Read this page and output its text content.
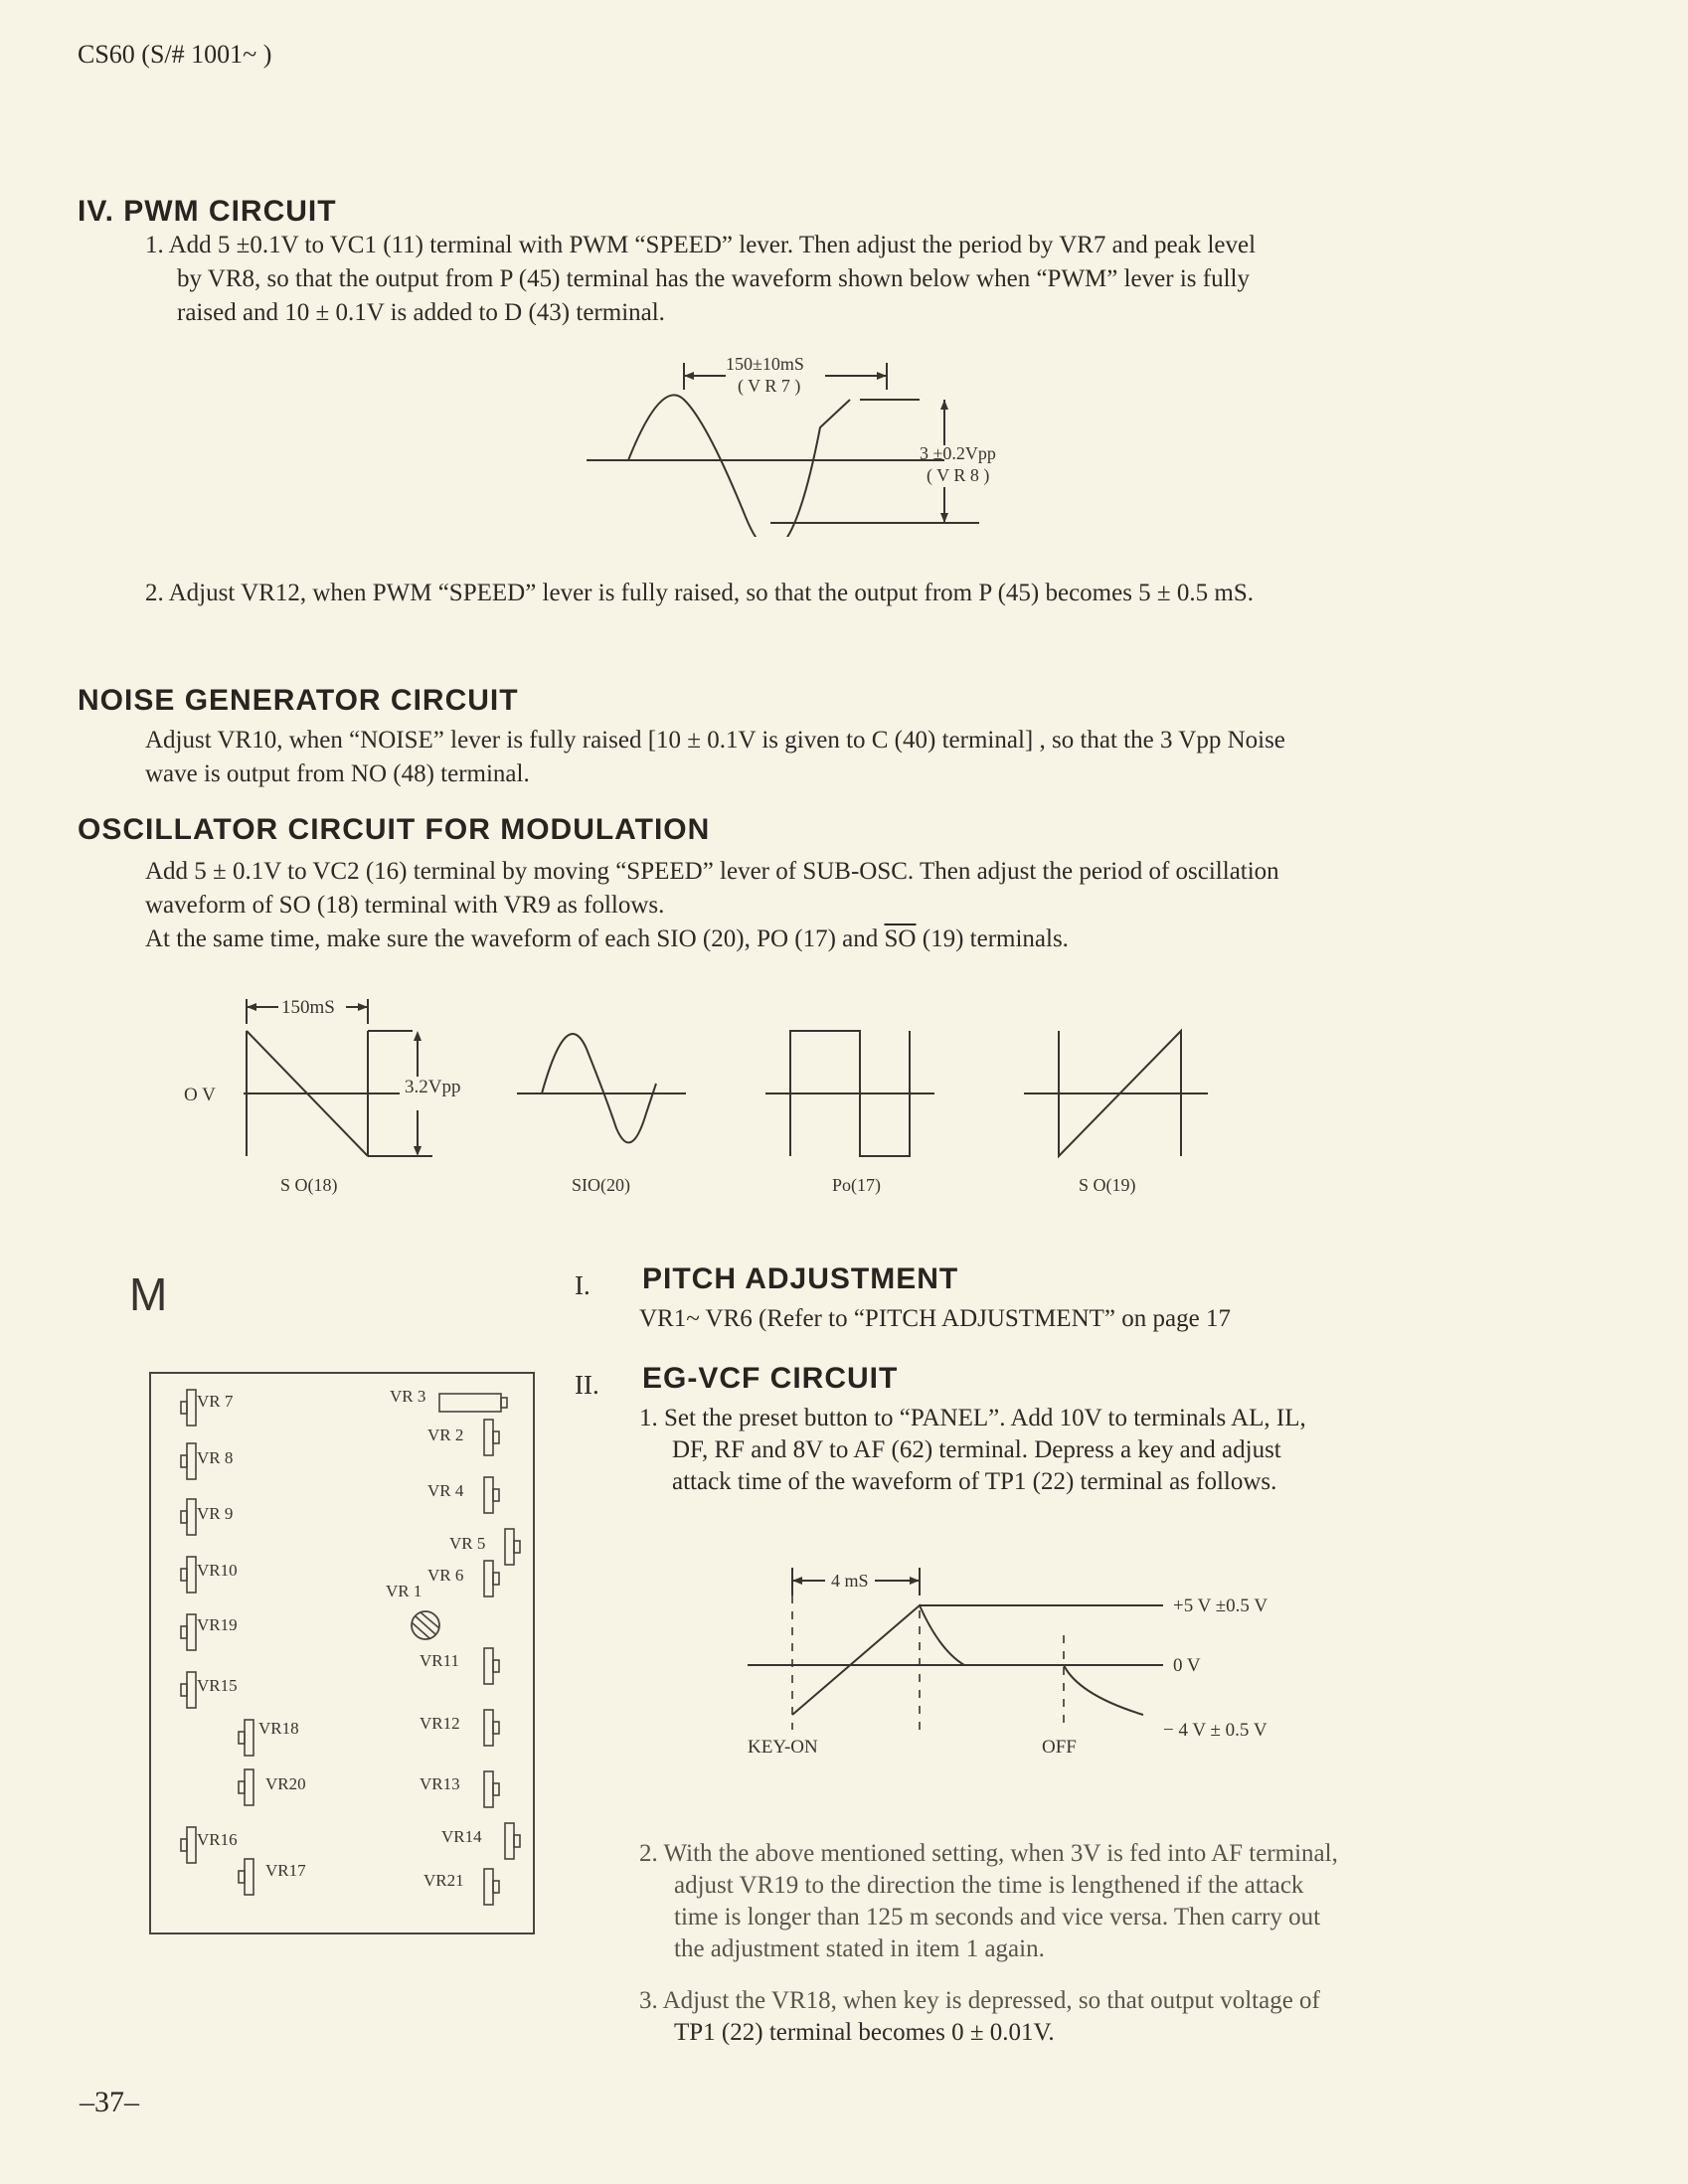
CS60 (S/# 1001~ )
IV. PWM CIRCUIT
1. Add 5 ±0.1V to VC1 (11) terminal with PWM “SPEED” lever. Then adjust the period by VR7 and peak level
by VR8, so that the output from P (45) terminal has the waveform shown below when “PWM” lever is fully
raised and 10 ± 0.1V is added to D (43) terminal.
150±10mS
( V R 7 )
3 ±0.2Vpp
( V R 8 )
2. Adjust VR12, when PWM “SPEED” lever is fully raised, so that the output from P (45) becomes 5 ± 0.5 mS.
NOISE GENERATOR CIRCUIT
Adjust VR10, when “NOISE” lever is fully raised [10 ± 0.1V is given to C (40) terminal] , so that the 3 Vpp Noise
wave is output from NO (48) terminal.
OSCILLATOR CIRCUIT FOR MODULATION
Add 5 ± 0.1V to VC2 (16) terminal by moving “SPEED” lever of SUB-OSC. Then adjust the period of oscillation
waveform of SO (18) terminal with VR9 as follows.
At the same time, make sure the waveform of each SIO (20), PO (17) and $\overline{SO}$ (19) terminals.
150mS
O V	3.2Vpp
S O(18)	SIO(20)	Po(17)	S O(19)
M
VR 7
VR 8
VR 9
VR10
VR19
VR15
VR18
VR20
VR16
VR17
VR 3
VR 2
VR 4
VR 5
VR 6
VR 1
VR11
VR12
VR13
VR14
VR21
I. PITCH ADJUSTMENT
VR1~ VR6 (Refer to “PITCH ADJUSTMENT” on page 17
II. EG-VCF CIRCUIT
1. Set the preset button to “PANEL”. Add 10V to terminals AL, IL,
DF, RF and 8V to AF (62) terminal. Depress a key and adjust
attack time of the waveform of TP1 (22) terminal as follows.
4 mS
+5 V ±0.5 V
0 V
− 4 V ± 0.5 V
KEY-ON	OFF
2. With the above mentioned setting, when 3V is fed into AF terminal,
adjust VR19 to the direction the time is lengthened if the attack
time is longer than 125 m seconds and vice versa. Then carry out
the adjustment stated in item 1 again.
3. Adjust the VR18, when key is depressed, so that output voltage of
TP1 (22) terminal becomes 0 ± 0.01V.
–37–
